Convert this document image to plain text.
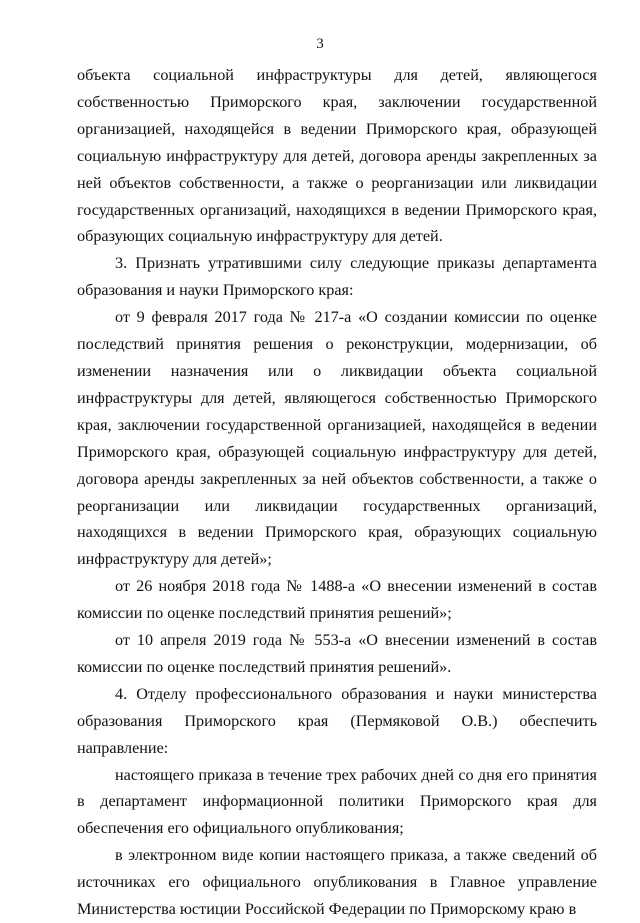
3

объекта социальной инфраструктуры для детей, являющегося собственностью Приморского края, заключении государственной организацией, находящейся в ведении Приморского края, образующей социальную инфраструктуру для детей, договора аренды закрепленных за ней объектов собственности, а также о реорганизации или ликвидации государственных организаций, находящихся в ведении Приморского края, образующих социальную инфраструктуру для детей.

3. Признать утратившими силу следующие приказы департамента образования и науки Приморского края:

от 9 февраля 2017 года № 217-а «О создании комиссии по оценке последствий принятия решения о реконструкции, модернизации, об изменении назначения или о ликвидации объекта социальной инфраструктуры для детей, являющегося собственностью Приморского края, заключении государственной организацией, находящейся в ведении Приморского края, образующей социальную инфраструктуру для детей, договора аренды закрепленных за ней объектов собственности, а также о реорганизации или ликвидации государственных организаций, находящихся в ведении Приморского края, образующих социальную инфраструктуру для детей»;

от 26 ноября 2018 года № 1488-а «О внесении изменений в состав комиссии по оценке последствий принятия решений»;

от 10 апреля 2019 года № 553-а «О внесении изменений в состав комиссии по оценке последствий принятия решений».

4. Отделу профессионального образования и науки министерства образования Приморского края (Пермяковой О.В.) обеспечить направление:

настоящего приказа в течение трех рабочих дней со дня его принятия в департамент информационной политики Приморского края для обеспечения его официального опубликования;

в электронном виде копии настоящего приказа, а также сведений об источниках его официального опубликования в Главное управление Министерства юстиции Российской Федерации по Приморскому краю в
